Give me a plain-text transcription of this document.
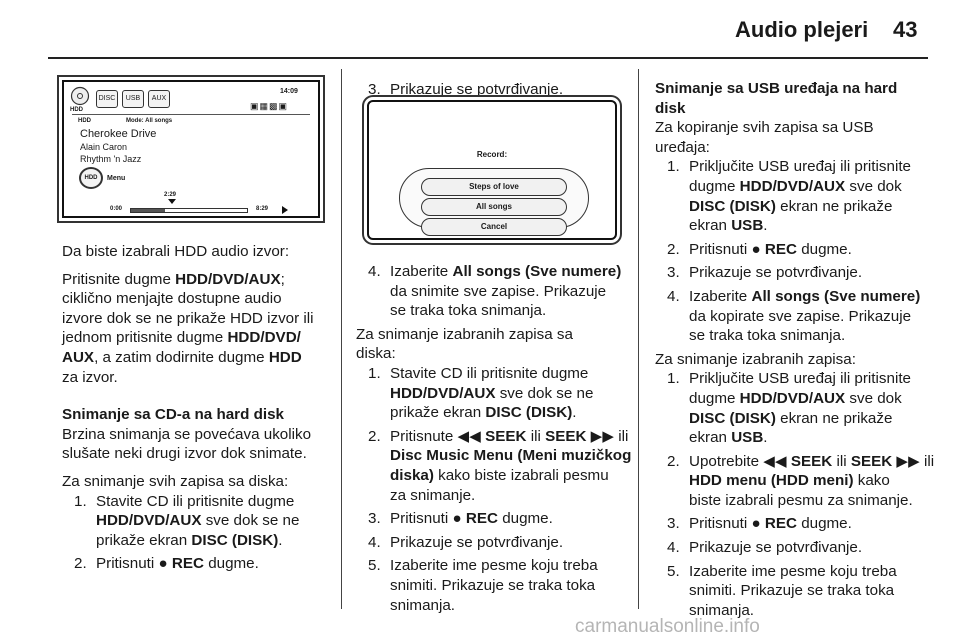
Audio plejeri 43
HDD
DISC	USB	AUX
14:09
▣▦▩▣
HDD	Mode: All songs
Cherokee Drive
Alain Caron
Rhythm 'n Jazz
HDD	Menu
2:29
0:00	8:29

Da biste izabrali HDD audio izvor:

Pritisnite dugme HDD/DVD/AUX;

ciklično menjajte dostupne audio

izvore dok se ne prikaže HDD izvor ili

jednom pritisnite dugme HDD/DVD/

AUX, a zatim dodirnite dugme HDD

za izvor.

Snimanje sa CD-a na hard disk

Brzina snimanja se povećava ukoliko

slušate neki drugi izvor dok snimate.

Za snimanje svih zapisa sa diska:

1. Stavite CD ili pritisnite dugme

HDD/DVD/AUX sve dok se ne

prikaže ekran DISC (DISK).

2. Pritisnuti ● REC dugme.

3. Prikazuje se potvrđivanje.

Record:
Steps of love
All songs
Cancel
4. Izaberite All songs (Sve numere)

da snimite sve zapise. Prikazuje

se traka toka snimanja.

Za snimanje izabranih zapisa sa

diska:

1. Stavite CD ili pritisnite dugme

HDD/DVD/AUX sve dok se ne

prikaže ekran DISC (DISK).

2. Pritisnute ◀◀ SEEK ili SEEK ▶▶ ili

Disc Music Menu (Meni muzičkog

diska) kako biste izabrali pesmu

za snimanje.

3. Pritisnuti ● REC dugme.

4. Prikazuje se potvrđivanje.

5. Izaberite ime pesme koju treba

snimiti. Prikazuje se traka toka

snimanja.

Snimanje sa USB uređaja na hard

disk

Za kopiranje svih zapisa sa USB

uređaja:

1. Priključite USB uređaj ili pritisnite

dugme HDD/DVD/AUX sve dok

DISC (DISK) ekran ne prikaže

ekran USB.

2. Pritisnuti ● REC dugme.

3. Prikazuje se potvrđivanje.

4. Izaberite All songs (Sve numere)

da kopirate sve zapise. Prikazuje

se traka toka snimanja.

Za snimanje izabranih zapisa:

1. Priključite USB uređaj ili pritisnite

dugme HDD/DVD/AUX sve dok

DISC (DISK) ekran ne prikaže

ekran USB.

2. Upotrebite ◀◀ SEEK ili SEEK ▶▶ ili

HDD menu (HDD meni) kako

biste izabrali pesmu za snimanje.

3. Pritisnuti ● REC dugme.

4. Prikazuje se potvrđivanje.

5. Izaberite ime pesme koju treba

snimiti. Prikazuje se traka toka

snimanja.

carmanualsonline.info
